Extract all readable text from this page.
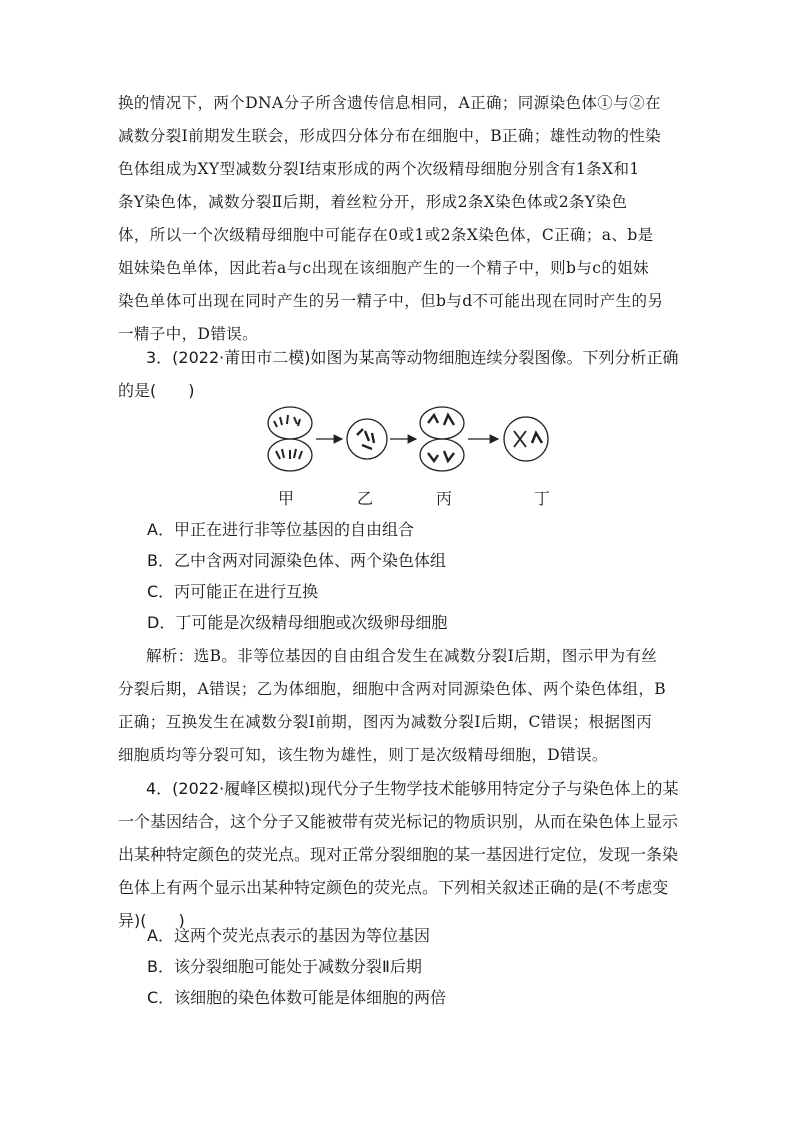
换的情况下，两个DNA分子所含遗传信息相同，A正确；同源染色体①与②在
减数分裂Ⅰ前期发生联会，形成四分体分布在细胞中，B正确；雄性动物的性染
色体组成为XY型减数分裂Ⅰ结束形成的两个次级精母细胞分别含有1条X和1
条Y染色体，减数分裂Ⅱ后期，着丝粒分开，形成2条X染色体或2条Y染色
体，所以一个次级精母细胞中可能存在0或1或2条X染色体，C正确；a、b是
姐妹染色单体，因此若a与c出现在该细胞产生的一个精子中，则b与c的姐妹
染色单体可出现在同时产生的另一精子中，但b与d不可能出现在同时产生的另
一精子中，D错误。
3．(2022·莆田市二模)如图为某高等动物细胞连续分裂图像。下列分析正确
的是(　　)
甲	乙	丙	丁
A．甲正在进行非等位基因的自由组合
B．乙中含两对同源染色体、两个染色体组
C．丙可能正在进行互换
D．丁可能是次级精母细胞或次级卵母细胞
解析：选B。非等位基因的自由组合发生在减数分裂Ⅰ后期，图示甲为有丝
分裂后期，A错误；乙为体细胞，细胞中含两对同源染色体、两个染色体组，B
正确；互换发生在减数分裂Ⅰ前期，图丙为减数分裂Ⅰ后期，C错误；根据图丙
细胞质均等分裂可知，该生物为雄性，则丁是次级精母细胞，D错误。
4．(2022·履峰区模拟)现代分子生物学技术能够用特定分子与染色体上的某
一个基因结合，这个分子又能被带有荧光标记的物质识别，从而在染色体上显示
出某种特定颜色的荧光点。现对正常分裂细胞的某一基因进行定位，发现一条染
色体上有两个显示出某种特定颜色的荧光点。下列相关叙述正确的是(不考虑变
异)(　　)
A．这两个荧光点表示的基因为等位基因
B．该分裂细胞可能处于减数分裂Ⅱ后期
C．该细胞的染色体数可能是体细胞的两倍
